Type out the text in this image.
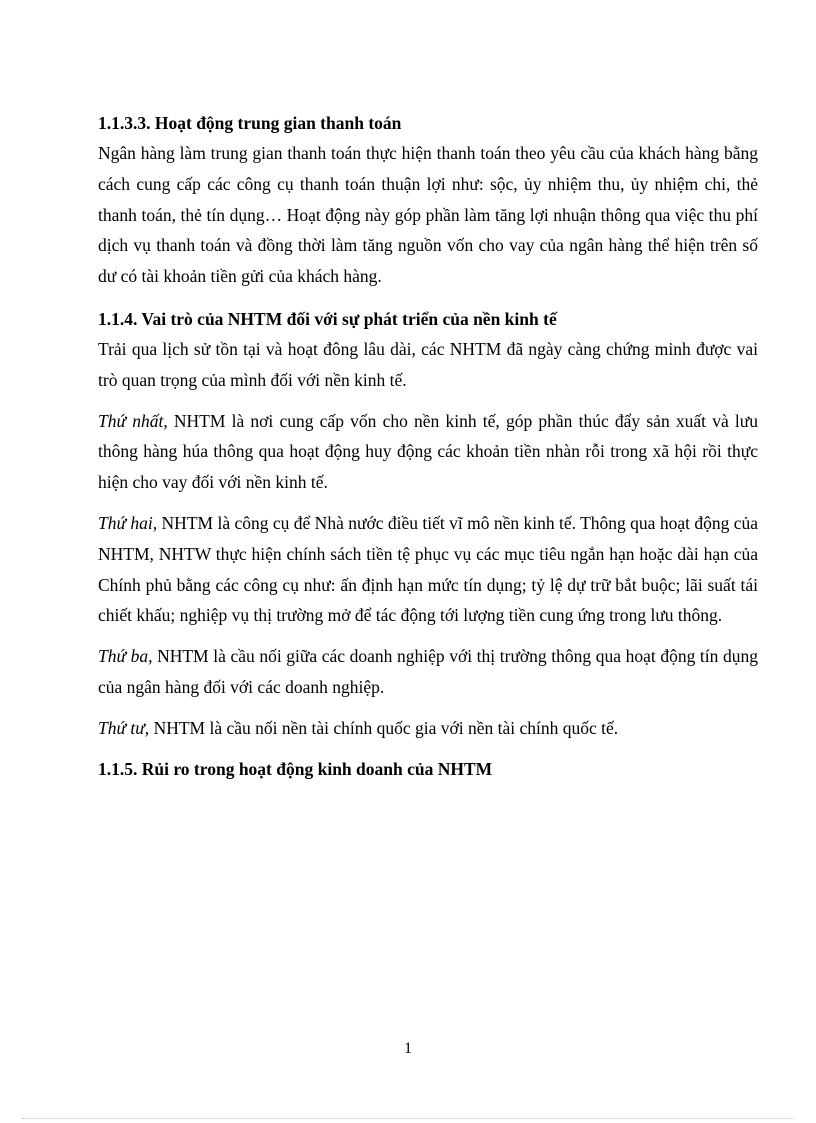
1.1.3.3. Hoạt động trung gian thanh toán

Ngân hàng làm trung gian thanh toán thực hiện thanh toán theo yêu cầu của khách hàng bằng cách cung cấp các công cụ thanh toán thuận lợi như: sộc, ủy nhiệm thu, ủy nhiệm chi, thẻ thanh toán, thẻ tín dụng… Hoạt động này góp phần làm tăng lợi nhuận thông qua việc thu phí dịch vụ thanh toán và đồng thời làm tăng nguồn vốn cho vay của ngân hàng thể hiện trên số dư có tài khoản tiền gửi của khách hàng.

1.1.4. Vai trò của NHTM đối với sự phát triển của nền kinh tế

Trải qua lịch sử tồn tại và hoạt đông lâu dài, các NHTM đã ngày càng chứng minh được vai trò quan trọng của mình đối với nền kinh tế.

Thứ nhất, NHTM là nơi cung cấp vốn cho nền kinh tế, góp phần thúc đẩy sản xuất và lưu thông hàng húa thông qua hoạt động huy động các khoản tiền nhàn rỗi trong xã hội rồi thực hiện cho vay đối với nền kinh tế.

Thứ hai, NHTM là công cụ để Nhà nước điều tiết vĩ mô nền kinh tế. Thông qua hoạt động của NHTM, NHTW thực hiện chính sách tiền tệ phục vụ các mục tiêu ngắn hạn hoặc dài hạn của Chính phủ bằng các công cụ như: ấn định hạn mức tín dụng; tỷ lệ dự trữ bắt buộc; lãi suất tái chiết khấu; nghiệp vụ thị trường mở để tác động tới lượng tiền cung ứng trong lưu thông.

Thứ ba, NHTM là cầu nối giữa các doanh nghiệp với thị trường thông qua hoạt động tín dụng của ngân hàng đối với các doanh nghiệp.

Thứ tư, NHTM là cầu nối nền tài chính quốc gia với nền tài chính quốc tế.

1.1.5. Rủi ro trong hoạt động kinh doanh của NHTM
1
